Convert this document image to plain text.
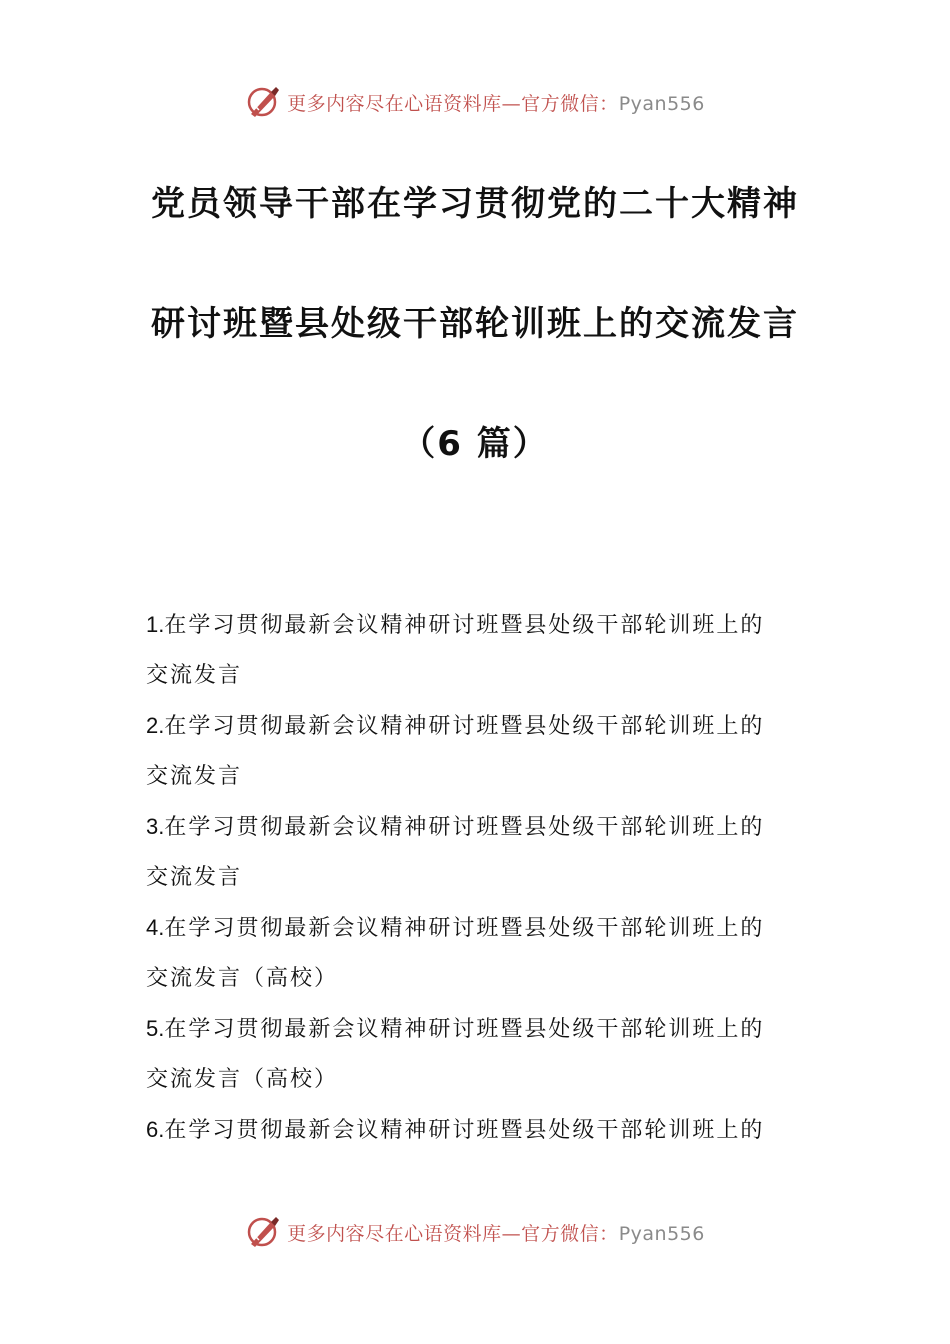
更多内容尽在心语资料库—官方微信：Pyan556
党员领导干部在学习贯彻党的二十大精神
研讨班暨县处级干部轮训班上的交流发言
（6 篇）
1.在学习贯彻最新会议精神研讨班暨县处级干部轮训班上的
交流发言
2.在学习贯彻最新会议精神研讨班暨县处级干部轮训班上的
交流发言
3.在学习贯彻最新会议精神研讨班暨县处级干部轮训班上的
交流发言
4.在学习贯彻最新会议精神研讨班暨县处级干部轮训班上的
交流发言（高校）
5.在学习贯彻最新会议精神研讨班暨县处级干部轮训班上的
交流发言（高校）
6.在学习贯彻最新会议精神研讨班暨县处级干部轮训班上的
更多内容尽在心语资料库—官方微信：Pyan556
